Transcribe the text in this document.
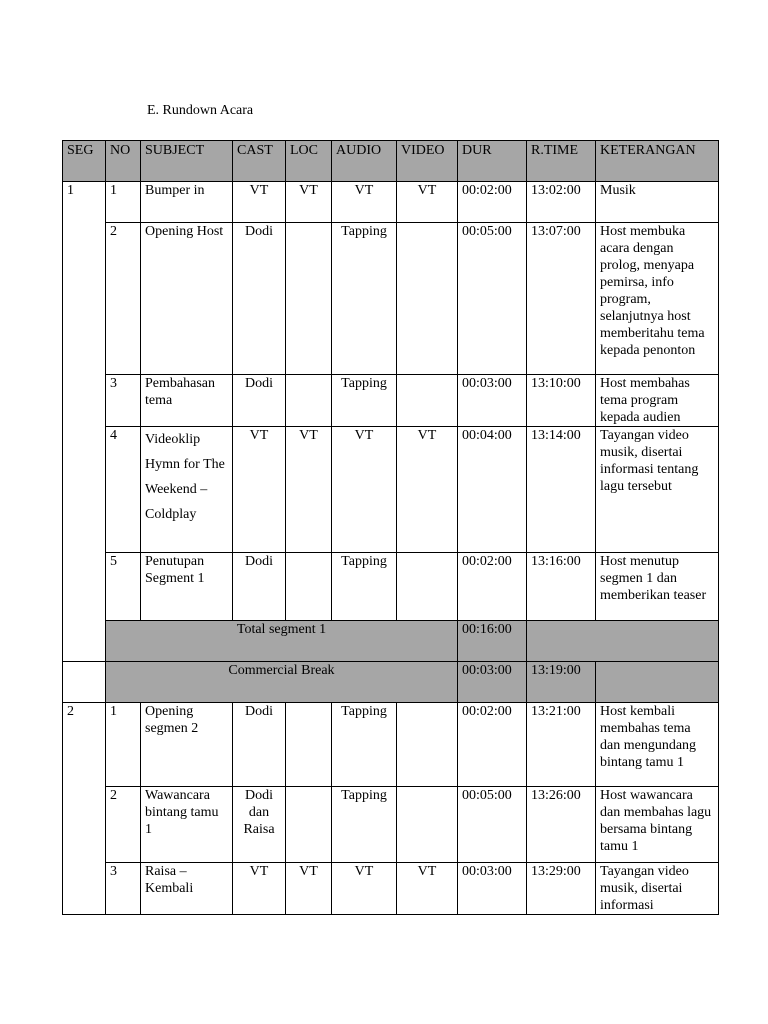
E. Rundown Acara
SEG	NO	SUBJECT	CAST	LOC	AUDIO	VIDEO	DUR	R.TIME	KETERANGAN
1	1	Bumper in	VT	VT	VT	VT	00:02:00	13:02:00	Musik
	2	Opening Host	Dodi		Tapping		00:05:00	13:07:00	Host membuka acara dengan prolog, menyapa pemirsa, info program, selanjutnya host memberitahu tema kepada penonton
	3	Pembahasan tema	Dodi		Tapping		00:03:00	13:10:00	Host membahas tema program kepada audien
	4	Videoklip Hymn for The Weekend – Coldplay	VT	VT	VT	VT	00:04:00	13:14:00	Tayangan video musik, disertai informasi tentang lagu tersebut
	5	Penutupan Segment 1	Dodi		Tapping		00:02:00	13:16:00	Host menutup segmen 1 dan memberikan teaser
	Total segment 1						00:16:00		
	Commercial Break						00:03:00	13:19:00	
2	1	Opening segmen 2	Dodi		Tapping		00:02:00	13:21:00	Host kembali membahas tema dan mengundang bintang tamu 1
	2	Wawancara bintang tamu 1	Dodi dan Raisa		Tapping		00:05:00	13:26:00	Host wawancara dan membahas lagu bersama bintang tamu 1
	3	Raisa – Kembali	VT	VT	VT	VT	00:03:00	13:29:00	Tayangan video musik, disertai informasi
